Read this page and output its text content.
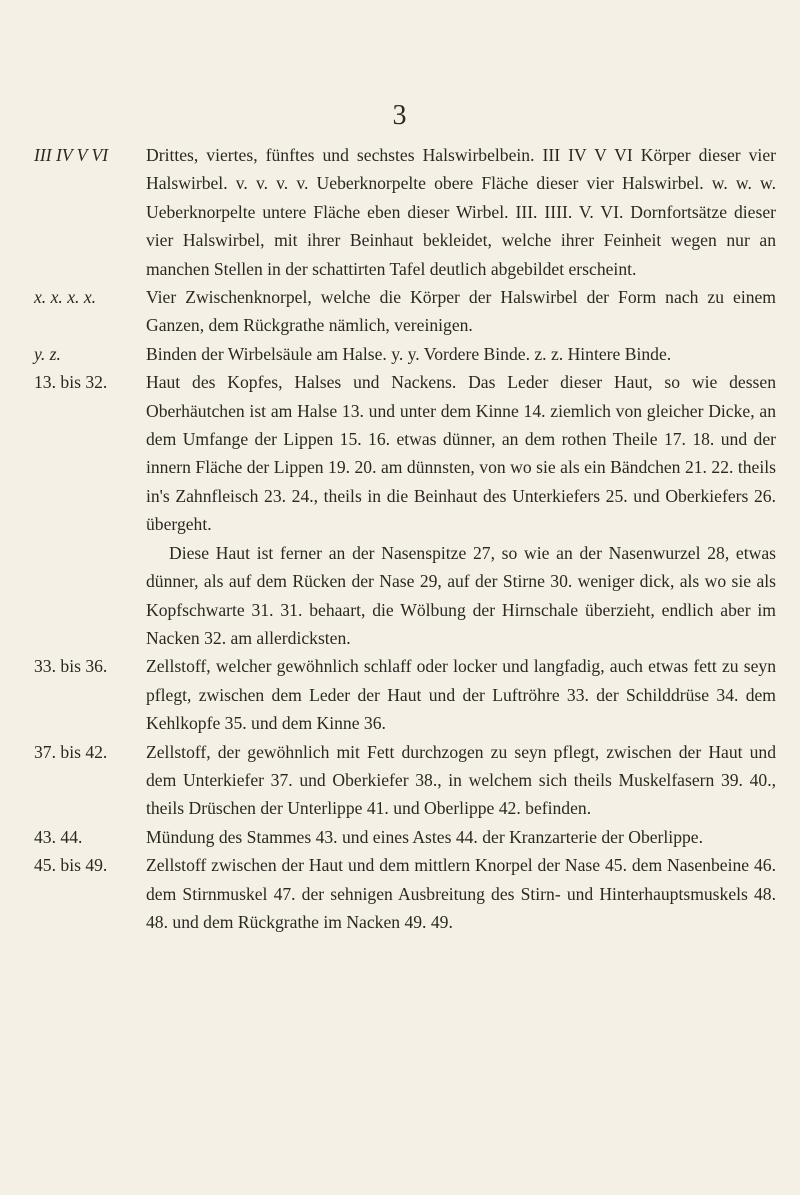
3
III IV V VI	Drittes, viertes, fünftes und sechstes Halswirbelbein. III IV V VI Körper dieser vier Halswirbel. v. v. v. v. Ueberknorpelte obere Fläche dieser vier Halswirbel. w. w. w. Ueberknorpelte untere Fläche eben dieser Wirbel. III. IIII. V. VI. Dornfortsätze dieser vier Halswirbel, mit ihrer Beinhaut bekleidet, welche ihrer Feinheit wegen nur an manchen Stellen in der schattirten Tafel deutlich abgebildet erscheint.

x. x. x. x.	Vier Zwischenknorpel, welche die Körper der Halswirbel der Form nach zu einem Ganzen, dem Rückgrathe nämlich, vereinigen.

y. z.	Binden der Wirbelsäule am Halse. y. y. Vordere Binde. z. z. Hintere Binde.

13. bis 32.	Haut des Kopfes, Halses und Nackens. Das Leder dieser Haut, so wie dessen Oberhäutchen ist am Halse 13. und unter dem Kinne 14. ziemlich von gleicher Dicke, an dem Umfange der Lippen 15. 16. etwas dünner, an dem rothen Theile 17. 18. und der innern Fläche der Lippen 19. 20. am dünnsten, von wo sie als ein Bändchen 21. 22. theils in's Zahnfleisch 23. 24., theils in die Beinhaut des Unterkiefers 25. und Oberkiefers 26. übergeht.

Diese Haut ist ferner an der Nasenspitze 27, so wie an der Nasenwurzel 28, etwas dünner, als auf dem Rücken der Nase 29, auf der Stirne 30. weniger dick, als wo sie als Kopfschwarte 31. 31. behaart, die Wölbung der Hirnschale überzieht, endlich aber im Nacken 32. am allerdicksten.

33. bis 36.	Zellstoff, welcher gewöhnlich schlaff oder locker und langfadig, auch etwas fett zu seyn pflegt, zwischen dem Leder der Haut und der Luftröhre 33. der Schilddrüse 34. dem Kehlkopfe 35. und dem Kinne 36.

37. bis 42.	Zellstoff, der gewöhnlich mit Fett durchzogen zu seyn pflegt, zwischen der Haut und dem Unterkiefer 37. und Oberkiefer 38., in welchem sich theils Muskelfasern 39. 40., theils Drüschen der Unterlippe 41. und Oberlippe 42. befinden.

43. 44.	Mündung des Stammes 43. und eines Astes 44. der Kranzarterie der Oberlippe.

45. bis 49.	Zellstoff zwischen der Haut und dem mittlern Knorpel der Nase 45. dem Nasenbeine 46. dem Stirnmuskel 47. der sehnigen Ausbreitung des Stirn- und Hinterhauptsmuskels 48. 48. und dem Rückgrathe im Nacken 49. 49.
